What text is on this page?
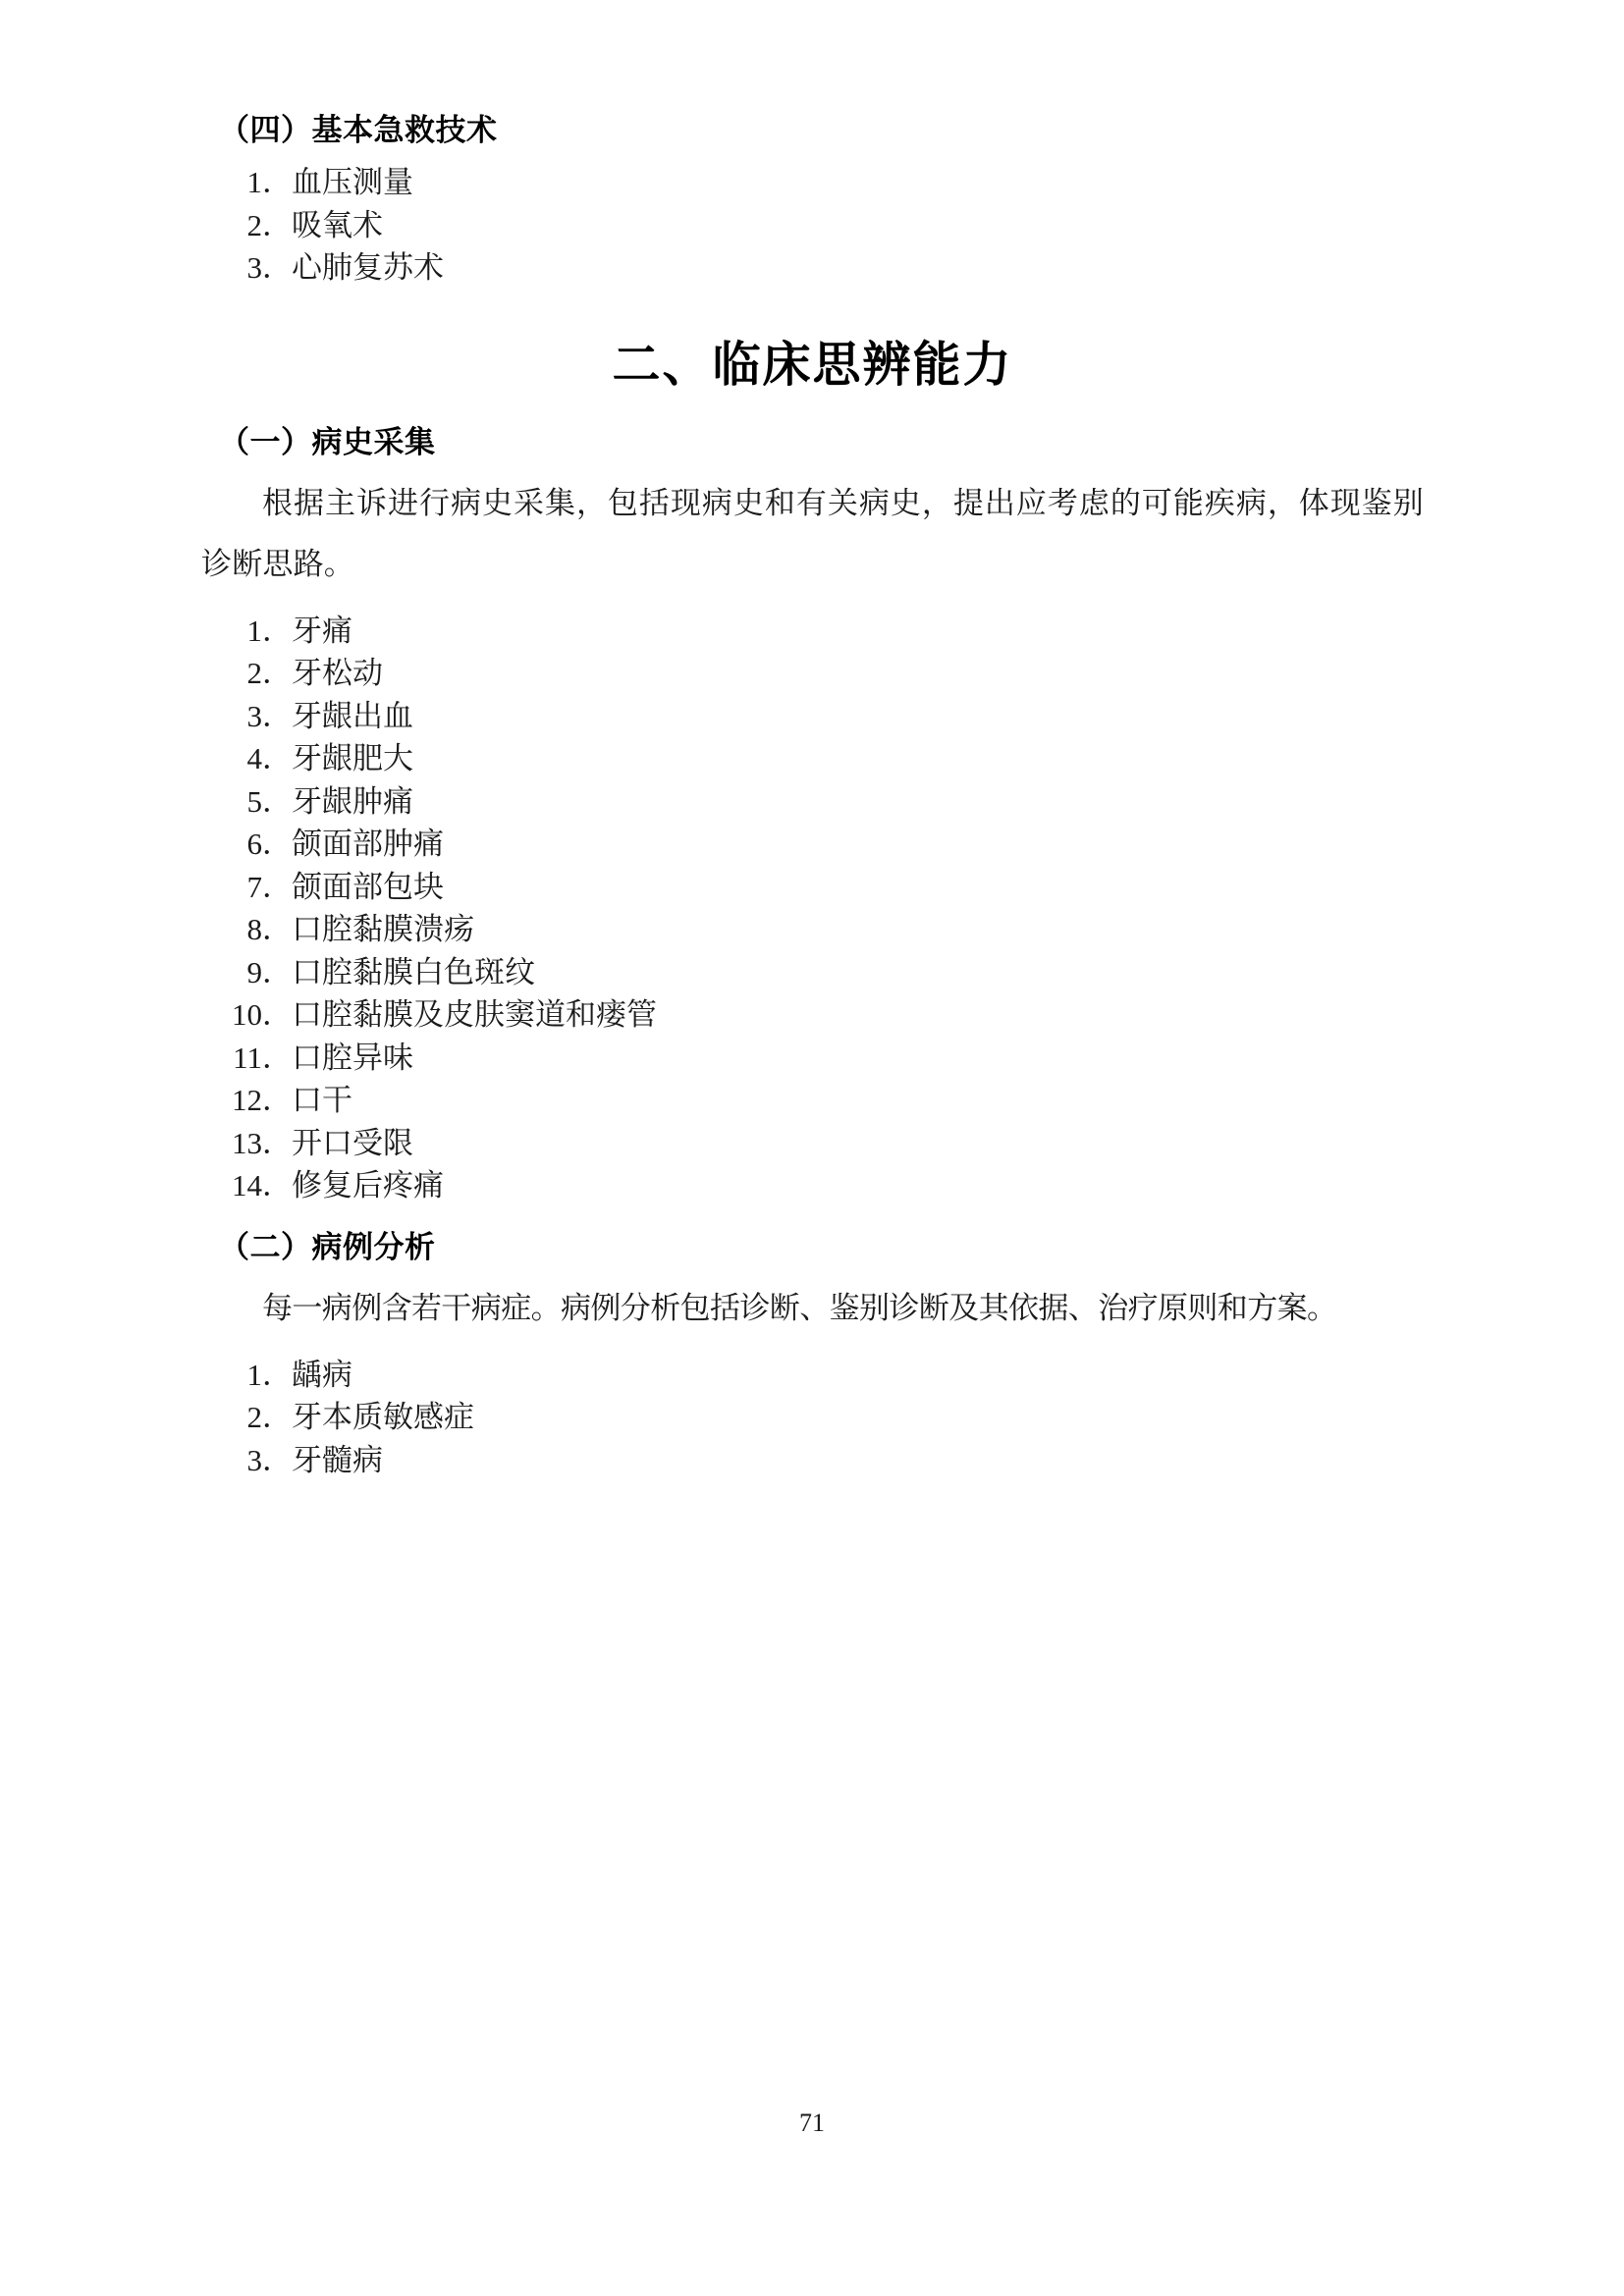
（四）基本急救技术
1 ． 血压测量
2 ． 吸氧术
3 ． 心肺复苏术
二、临床思辨能力
（一）病史采集

根据主诉进行病史采集，包括现病史和有关病史，提出应考虑的可能疾病，体现鉴别诊断思路。

1 ． 牙痛
2 ． 牙松动
3 ． 牙龈出血
4 ． 牙龈肥大
5 ． 牙龈肿痛
6 ． 颌面部肿痛
7 ． 颌面部包块
8 ． 口腔黏膜溃疡
9 ． 口腔黏膜白色斑纹
10 ． 口腔黏膜及皮肤窦道和瘘管
11 ． 口腔异味
12 ． 口干
13 ． 开口受限
14 ． 修复后疼痛
（二）病例分析

每一病例含若干病症。病例分析包括诊断、鉴别诊断及其依据、治疗原则和方案。

1 ． 龋病
2 ． 牙本质敏感症
3 ． 牙髓病
71
